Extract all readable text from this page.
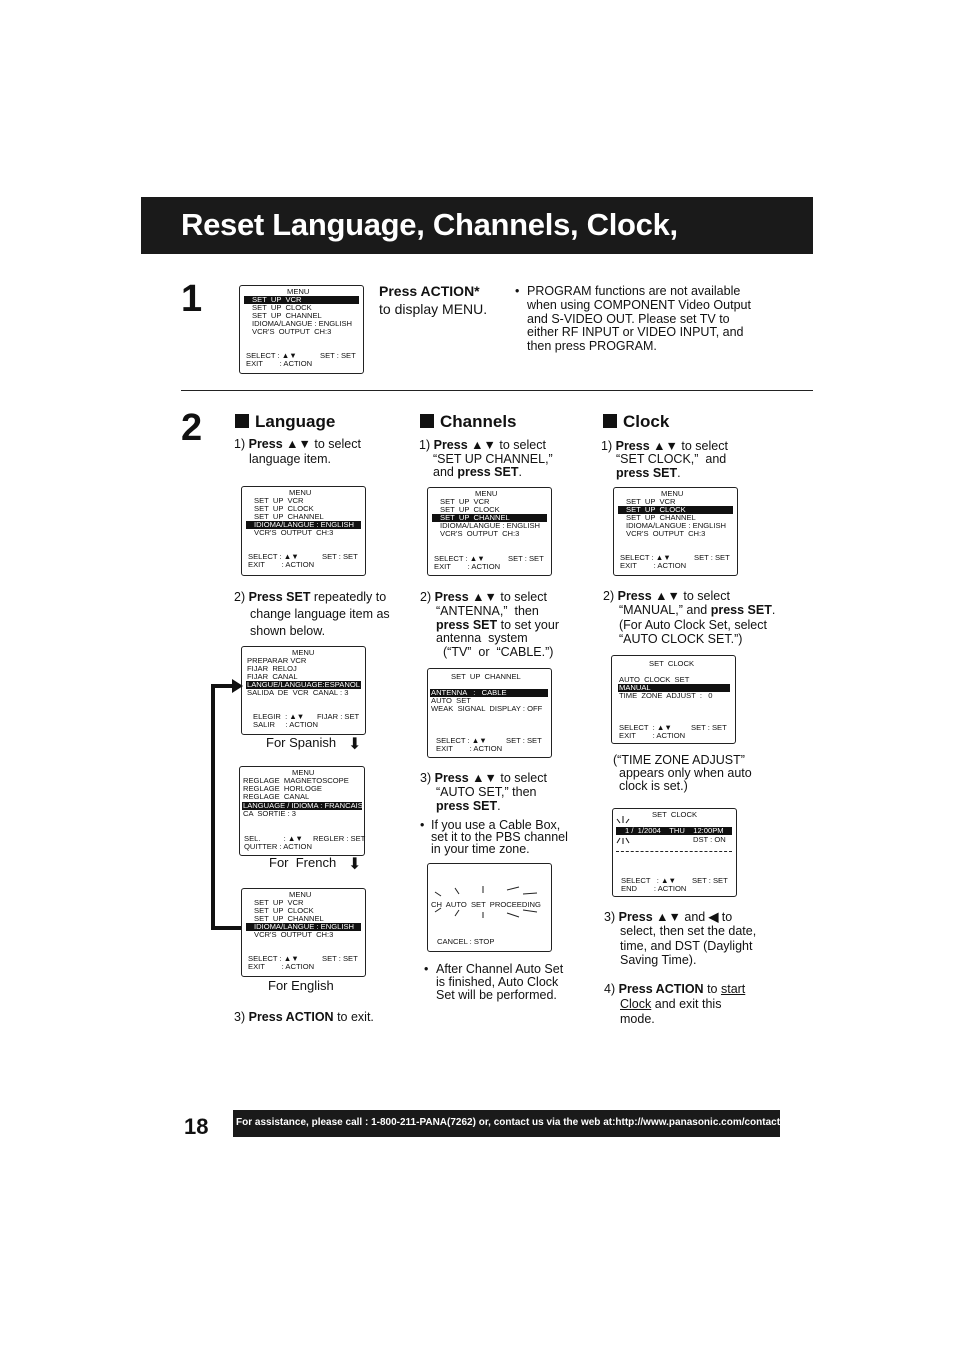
Reset Language, Channels, Clock,
1	MENU
SET  UP  VCR
SET  UP  CLOCK
SET  UP  CHANNEL
IDIOMA/LANGUE : ENGLISH
VCR'S  OUTPUT  CH:3
SELECT : ▲▼	SET : SET
EXIT        : ACTION
Press ACTION*
to display MENU.
• PROGRAM functions are not available
when using COMPONENT Video Output
and S-VIDEO OUT. Please set TV to
either RF INPUT or VIDEO INPUT, and
then press PROGRAM.
2	Language
1) Press ▲▼ to select
language item.
MENU
SET  UP  VCR
SET  UP  CLOCK
SET  UP  CHANNEL
IDIOMA/LANGUE : ENGLISH
VCR'S  OUTPUT  CH:3
SELECT : ▲▼	SET : SET
EXIT        : ACTION
2) Press SET repeatedly to
change language item as
shown below.
MENU
PREPARAR VCR
FIJAR  RELOJ
FIJAR  CANAL
LANGUE/LANGUAGE:ESPANOL
SALIDA  DE  VCR  CANAL : 3
ELEGIR  : ▲▼ FIJAR : SET
SALIR     : ACTION
For Spanish ⬇
MENU
REGLAGE  MAGNETOSCOPE
REGLAGE  HORLOGE
REGLAGE  CANAL
LANGUAGE / IDIOMA : FRANCAIS
CA  SORTIE : 3
SEL.           : ▲▼ REGLER : SET
QUITTER : ACTION
For  French ⬇
MENU
SET  UP  VCR
SET  UP  CLOCK
SET  UP  CHANNEL
IDIOMA/LANGUE : ENGLISH
VCR'S  OUTPUT  CH:3
SELECT : ▲▼	SET : SET
EXIT        : ACTION
For English
3) Press ACTION to exit.
Channels
1) Press ▲▼ to select
“SET UP CHANNEL,”
and press SET.
MENU
SET  UP  VCR
SET  UP  CLOCK
SET  UP  CHANNEL
IDIOMA/LANGUE : ENGLISH
VCR'S  OUTPUT  CH:3
SELECT : ▲▼	SET : SET
EXIT        : ACTION
2) Press ▲▼ to select
“ANTENNA,”  then
press SET to set your
antenna  system
(“TV”  or  “CABLE.”)
SET  UP  CHANNEL
ANTENNA   :   CABLE
AUTO  SET
WEAK  SIGNAL  DISPLAY : OFF
SELECT : ▲▼	SET : SET
EXIT        : ACTION
3) Press ▲▼ to select
“AUTO SET,” then
press SET.
• If you use a Cable Box,
set it to the PBS channel
in your time zone.
CH  AUTO  SET  PROCEEDING
CANCEL : STOP
• After Channel Auto Set
is finished, Auto Clock
Set will be performed.
Clock
1) Press ▲▼ to select
“SET CLOCK,”  and
press SET.
MENU
SET  UP  VCR
SET  UP  CLOCK
SET  UP  CHANNEL
IDIOMA/LANGUE : ENGLISH
VCR'S  OUTPUT  CH:3
SELECT : ▲▼	SET : SET
EXIT        : ACTION
2) Press ▲▼ to select
“MANUAL,” and press SET.
(For Auto Clock Set, select
“AUTO CLOCK SET.”)
SET  CLOCK
AUTO  CLOCK  SET
MANUAL
TIME  ZONE  ADJUST  :   0
SELECT  : ▲▼	SET : SET
EXIT        : ACTION
(“TIME ZONE ADJUST”
appears only when auto
clock is set.)
SET  CLOCK
1 /  1/2004    THU    12:00PM
DST : ON
SELECT   : ▲▼ SET : SET
END        : ACTION
3) Press ▲▼ and ◀ to
select, then set the date,
time, and DST (Daylight
Saving Time).
4) Press ACTION to start
Clock and exit this
mode.
18	For assistance, please call : 1-800-211-PANA(7262) or, contact us via the web at:http://www.panasonic.com/contactinfo
